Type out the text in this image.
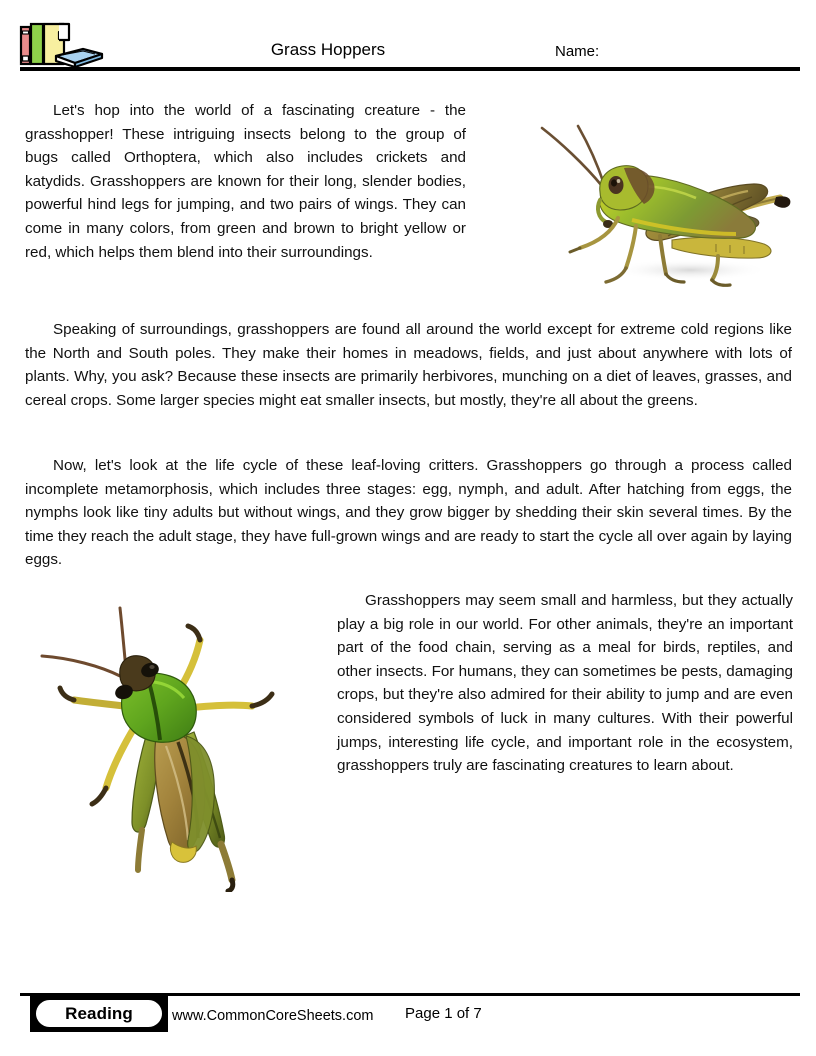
Grass Hoppers	Name:

Let's hop into the world of a fascinating creature - the grasshopper! These intriguing insects belong to the group of bugs called Orthoptera, which also includes crickets and katydids. Grasshoppers are known for their long, slender bodies, powerful hind legs for jumping, and two pairs of wings. They can come in many colors, from green and brown to bright yellow or red, which helps them blend into their surroundings.

Speaking of surroundings, grasshoppers are found all around the world except for extreme cold regions like the North and South poles. They make their homes in meadows, fields, and just about anywhere with lots of plants. Why, you ask? Because these insects are primarily herbivores, munching on a diet of leaves, grasses, and cereal crops. Some larger species might eat smaller insects, but mostly, they're all about the greens.

Now, let's look at the life cycle of these leaf-loving critters. Grasshoppers go through a process called incomplete metamorphosis, which includes three stages: egg, nymph, and adult. After hatching from eggs, the nymphs look like tiny adults but without wings, and they grow bigger by shedding their skin several times. By the time they reach the adult stage, they have full-grown wings and are ready to start the cycle all over again by laying eggs.

Grasshoppers may seem small and harmless, but they actually play a big role in our world. For other animals, they're an important part of the food chain, serving as a meal for birds, reptiles, and other insects. For humans, they can sometimes be pests, damaging crops, but they're also admired for their ability to jump and are even considered symbols of luck in many cultures. With their powerful jumps, interesting life cycle, and important role in the ecosystem, grasshoppers truly are fascinating creatures to learn about.

Reading	www.CommonCoreSheets.com Page 1 of 7
